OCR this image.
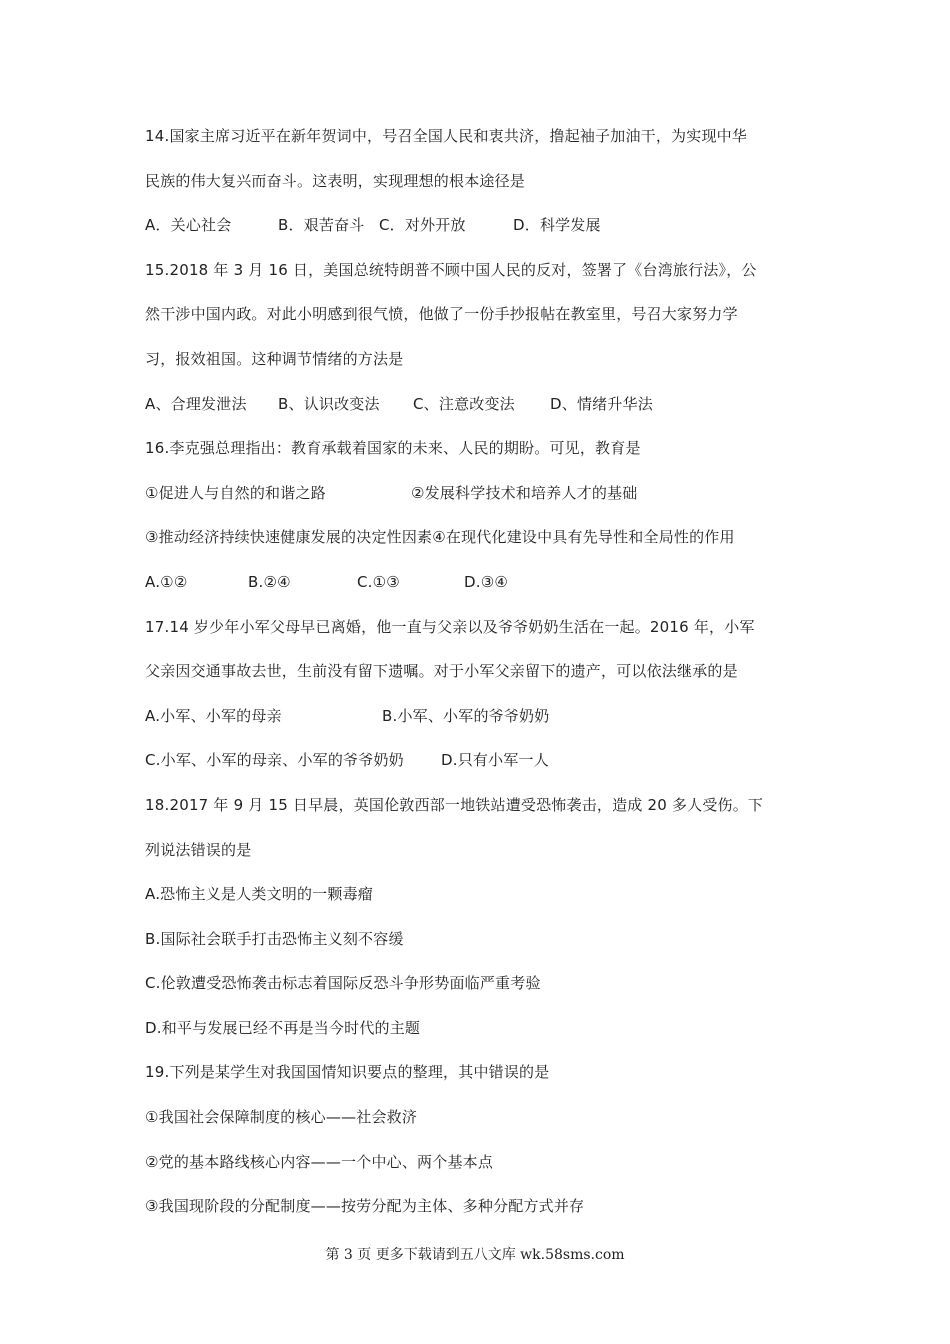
14.国家主席习近平在新年贺词中，号召全国人民和衷共济，撸起袖子加油干，为实现中华
民族的伟大复兴而奋斗。这表明，实现理想的根本途径是
A．关心社会	B．艰苦奋斗 C．对外开放	D．科学发展
15.2018 年 3 月 16 日，美国总统特朗普不顾中国人民的反对，签署了《台湾旅行法》，公
然干涉中国内政。对此小明感到很气愤，他做了一份手抄报帖在教室里，号召大家努力学
习，报效祖国。这种调节情绪的方法是
A、合理发泄法	B、认识改变法	C、注意改变法	D、情绪升华法
16.李克强总理指出：教育承载着国家的未来、人民的期盼。可见，教育是
①促进人与自然的和谐之路	②发展科学技术和培养人才的基础
③推动经济持续快速健康发展的决定性因素④在现代化建设中具有先导性和全局性的作用
A.①②	B.②④	C.①③	D.③④
17.14 岁少年小军父母早已离婚，他一直与父亲以及爷爷奶奶生活在一起。2016 年，小军
父亲因交通事故去世，生前没有留下遗嘱。对于小军父亲留下的遗产，可以依法继承的是
A.小军、小军的母亲	B.小军、小军的爷爷奶奶
C.小军、小军的母亲、小军的爷爷奶奶	D.只有小军一人
18.2017 年 9 月 15 日早晨，英国伦敦西部一地铁站遭受恐怖袭击，造成 20 多人受伤。下
列说法错误的是
A.恐怖主义是人类文明的一颗毒瘤
B.国际社会联手打击恐怖主义刻不容缓
C.伦敦遭受恐怖袭击标志着国际反恐斗争形势面临严重考验
D.和平与发展已经不再是当今时代的主题
19.下列是某学生对我国国情知识要点的整理，其中错误的是
①我国社会保障制度的核心——社会救济
②党的基本路线核心内容——一个中心、两个基本点
③我国现阶段的分配制度——按劳分配为主体、多种分配方式并存
第 3 页 更多下载请到五八文库 wk.58sms.com
